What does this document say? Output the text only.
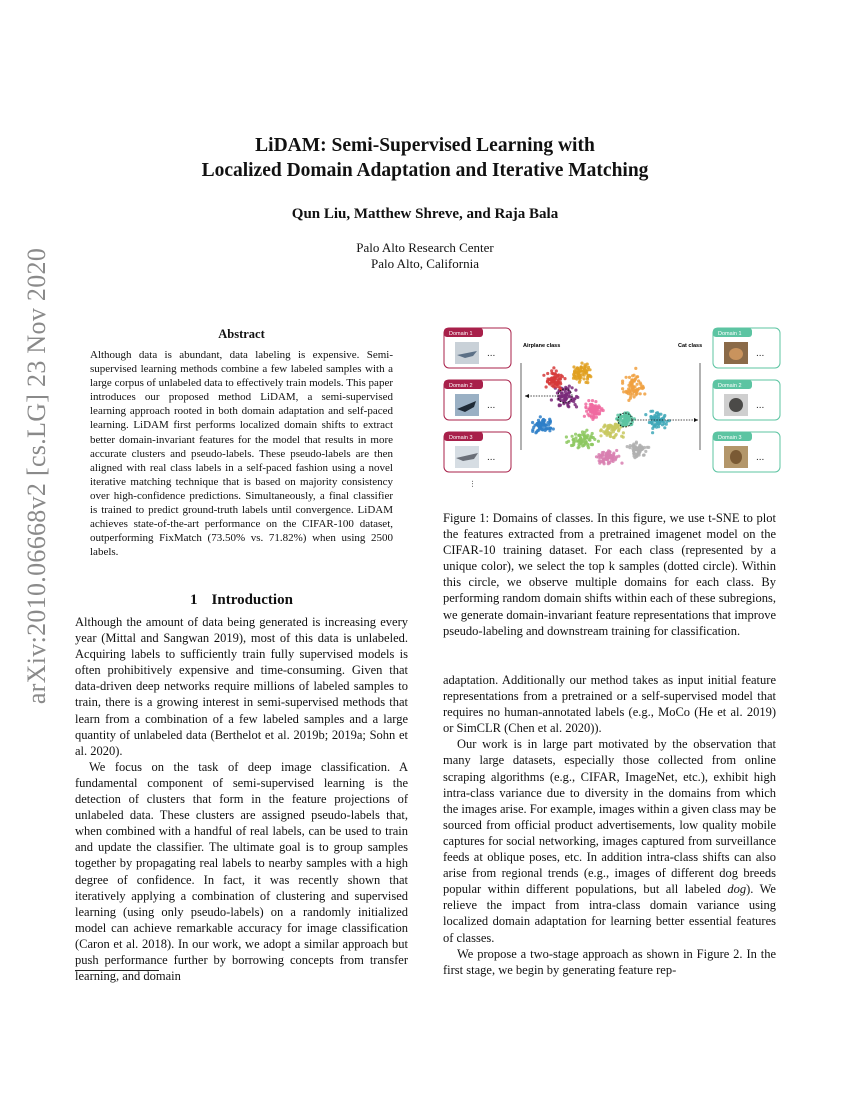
LiDAM: Semi-Supervised Learning with
Localized Domain Adaptation and Iterative Matching
Qun Liu, Matthew Shreve, and Raja Bala
Palo Alto Research Center
Palo Alto, California
arXiv:2010.06668v2 [cs.LG] 23 Nov 2020	Abstract
Although data is abundant, data labeling is expensive. Semi-supervised learning methods combine a few labeled samples with a large corpus of unlabeled data to effectively train models. This paper introduces our proposed method LiDAM, a semi-supervised learning approach rooted in both domain adaptation and self-paced learning. LiDAM first performs localized domain shifts to extract better domain-invariant features for the model that results in more accurate clusters and pseudo-labels. These pseudo-labels are then aligned with real class labels in a self-paced fashion using a novel iterative matching technique that is based on majority consistency over high-confidence predictions. Simultaneously, a final classifier is trained to predict ground-truth labels until convergence. LiDAM achieves state-of-the-art performance on the CIFAR-100 dataset, outperforming FixMatch (73.50% vs. 71.82%) when using 2500 labels.
1 Introduction

Although the amount of data being generated is increasing every year (Mittal and Sangwan 2019), most of this data is unlabeled. Acquiring labels to sufficiently train fully supervised models is often prohibitively expensive and time-consuming. Given that data-driven deep networks require millions of labeled samples to train, there is a growing interest in semi-supervised methods that learn from a combination of a few labeled samples and a large quantity of unlabeled data (Berthelot et al. 2019b; 2019a; Sohn et al. 2020).

We focus on the task of deep image classification. A fundamental component of semi-supervised learning is the detection of clusters that form in the feature projections of unlabeled data. These clusters are assigned pseudo-labels that, when combined with a handful of real labels, can be used to train and update the classifier. The ultimate goal is to group samples together by propagating real labels to nearby samples with a high degree of confidence. In fact, it was recently shown that iteratively applying a combination of clustering and supervised learning (using only pseudo-labels) on a randomly initialized model can achieve remarkable accuracy for image classification (Caron et al. 2018). In our work, we adopt a similar approach but push performance further by borrowing concepts from transfer learning, and domain

Domain 1
...
Domain 2
...
Domain 3
...
...
Airplane class	Cat class
Domain 1
...
Domain 2
...
Domain 3
...
Figure 1: Domains of classes. In this figure, we use t-SNE to plot the features extracted from a pretrained imagenet model on the CIFAR-10 training dataset. For each class (represented by a unique color), we select the top k samples (dotted circle). Within this circle, we observe multiple domains for each class. By performing random domain shifts within each of these subregions, we generate domain-invariant feature representations that improve pseudo-labeling and downstream training for classification.

adaptation. Additionally our method takes as input initial feature representations from a pretrained or a self-supervised model that requires no human-annotated labels (e.g., MoCo (He et al. 2019) or SimCLR (Chen et al. 2020)).

Our work is in large part motivated by the observation that many large datasets, especially those collected from online scraping algorithms (e.g., CIFAR, ImageNet, etc.), exhibit high intra-class variance due to diversity in the domains from which the images arise. For example, images within a given class may be sourced from official product advertisements, low quality mobile captures for social networking, images captured from surveillance feeds at oblique poses, etc. In addition intra-class shifts can also arise from regional trends (e.g., images of different dog breeds popular within different populations, but all labeled dog). We relieve the impact from intra-class domain variance using localized domain adaptation for learning better essential features of classes.

We propose a two-stage approach as shown in Figure 2. In the first stage, we begin by generating feature rep-
